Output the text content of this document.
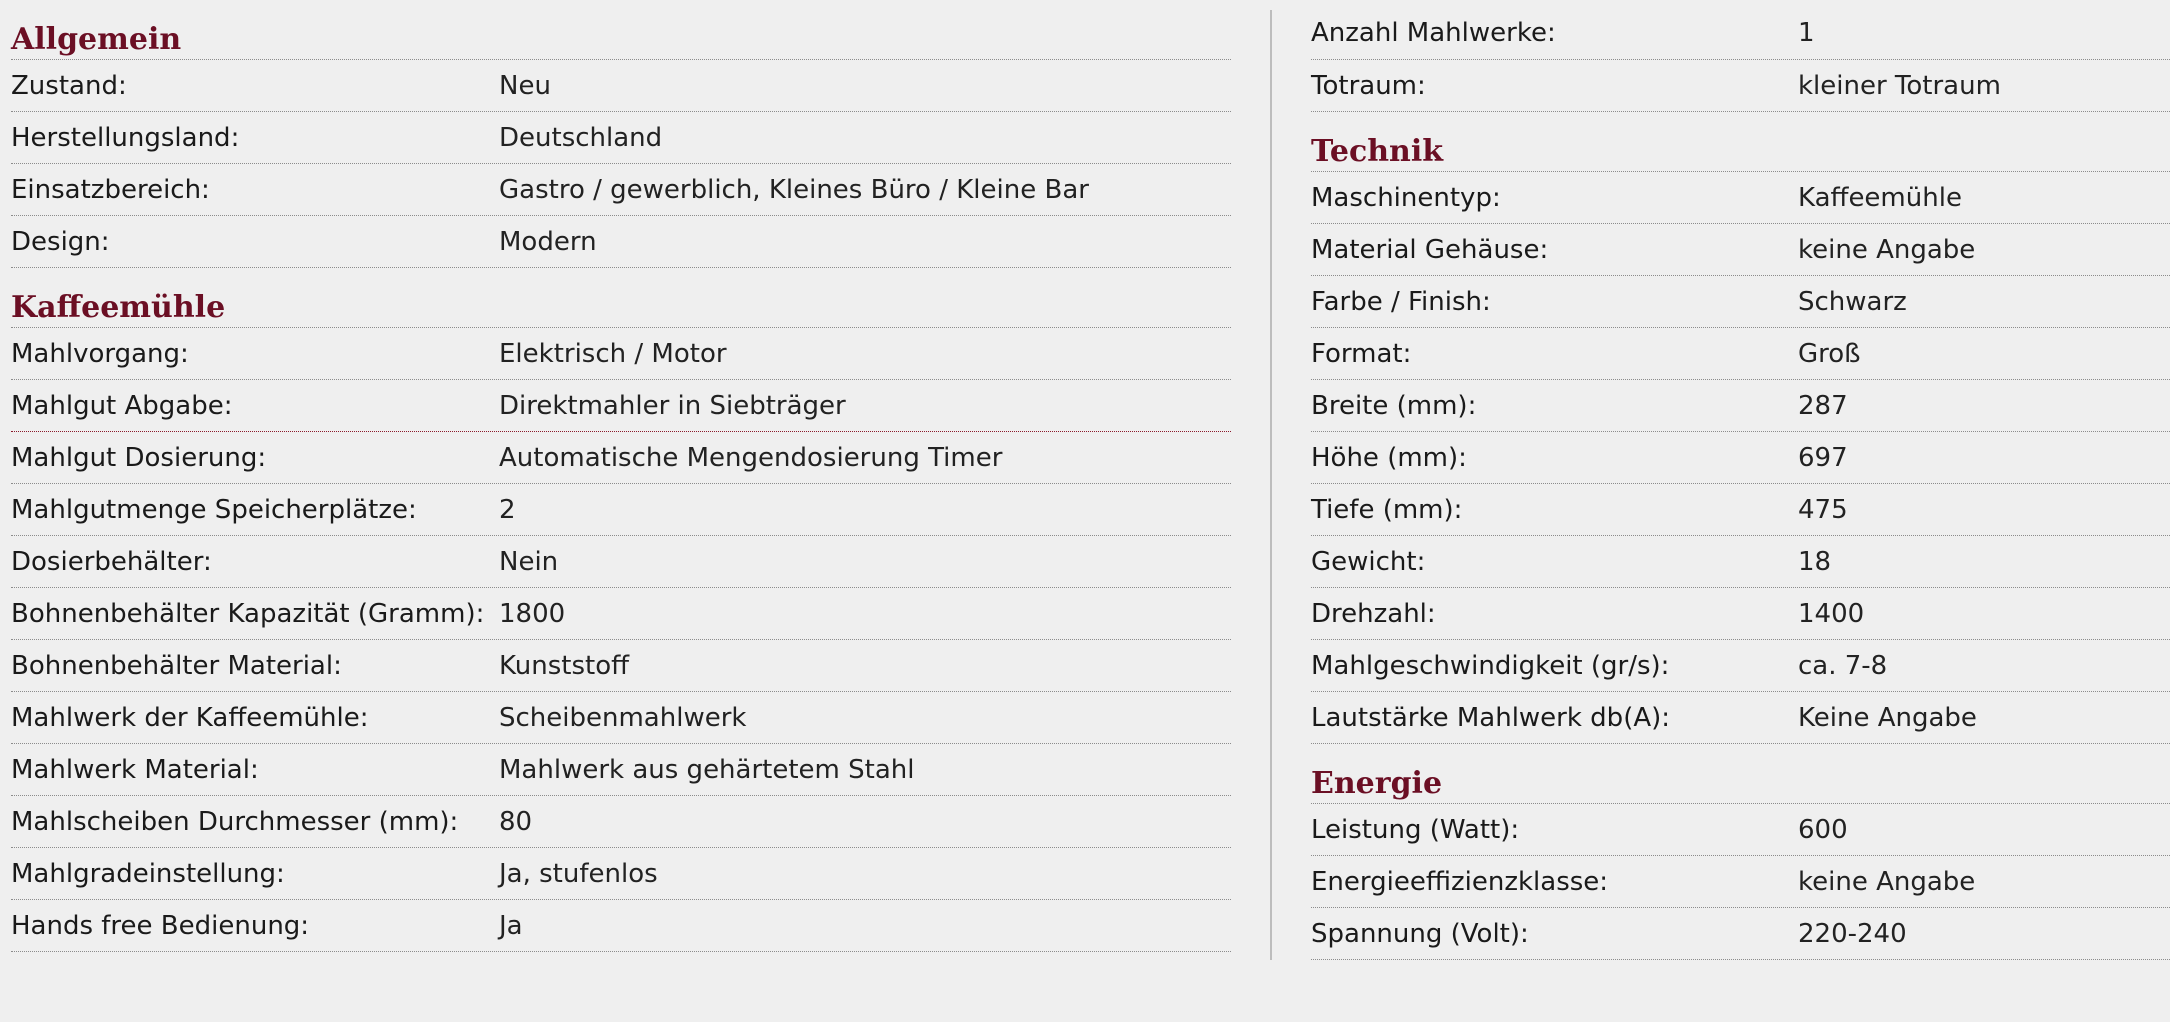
Allgemein
Zustand:	Neu
Herstellungsland:	Deutschland
Einsatzbereich:	Gastro / gewerblich, Kleines Büro / Kleine Bar
Design:	Modern
Kaffeemühle
Mahlvorgang:	Elektrisch / Motor
Mahlgut Abgabe:	Direktmahler in Siebträger
Mahlgut Dosierung:	Automatische Mengendosierung Timer
Mahlgutmenge Speicherplätze:	2
Dosierbehälter:	Nein
Bohnenbehälter Kapazität (Gramm): 1800
Bohnenbehälter Material:	Kunststoff
Mahlwerk der Kaffeemühle:	Scheibenmahlwerk
Mahlwerk Material:	Mahlwerk aus gehärtetem Stahl
Mahlscheiben Durchmesser (mm):	80
Mahlgradeinstellung:	Ja, stufenlos
Hands free Bedienung:	Ja
Anzahl Mahlwerke:	1
Totraum:	kleiner Totraum
Technik
Maschinentyp:	Kaffeemühle
Material Gehäuse:	keine Angabe
Farbe / Finish:	Schwarz
Format:	Groß
Breite (mm):	287
Höhe (mm):	697
Tiefe (mm):	475
Gewicht:	18
Drehzahl:	1400
Mahlgeschwindigkeit (gr/s):	ca. 7-8
Lautstärke Mahlwerk db(A):	Keine Angabe
Energie
Leistung (Watt):	600
Energieeffizienzklasse:	keine Angabe
Spannung (Volt):	220-240
